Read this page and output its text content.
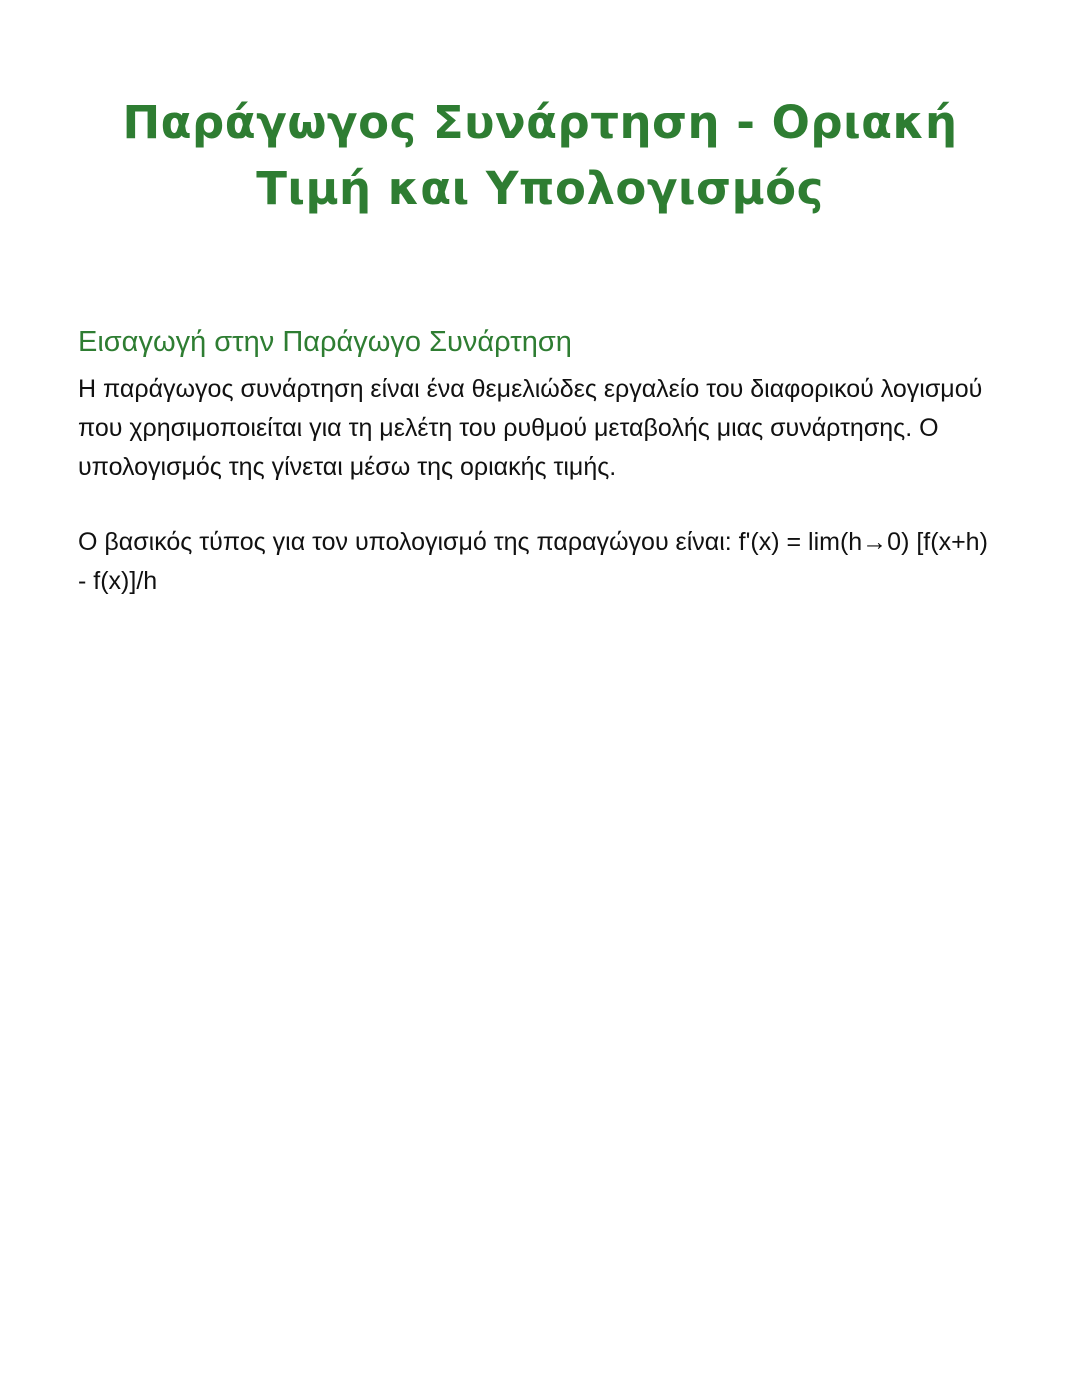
Παράγωγος Συνάρτηση - Οριακή Τιμή και Υπολογισμός
Εισαγωγή στην Παράγωγο Συνάρτηση

Η παράγωγος συνάρτηση είναι ένα θεμελιώδες εργαλείο του διαφορικού λογισμού που χρησιμοποιείται για τη μελέτη του ρυθμού μεταβολής μιας συνάρτησης. Ο υπολογισμός της γίνεται μέσω της οριακής τιμής.

Ο βασικός τύπος για τον υπολογισμό της παραγώγου είναι: f'(x) = lim(h→0) [f(x+h) - f(x)]/h
